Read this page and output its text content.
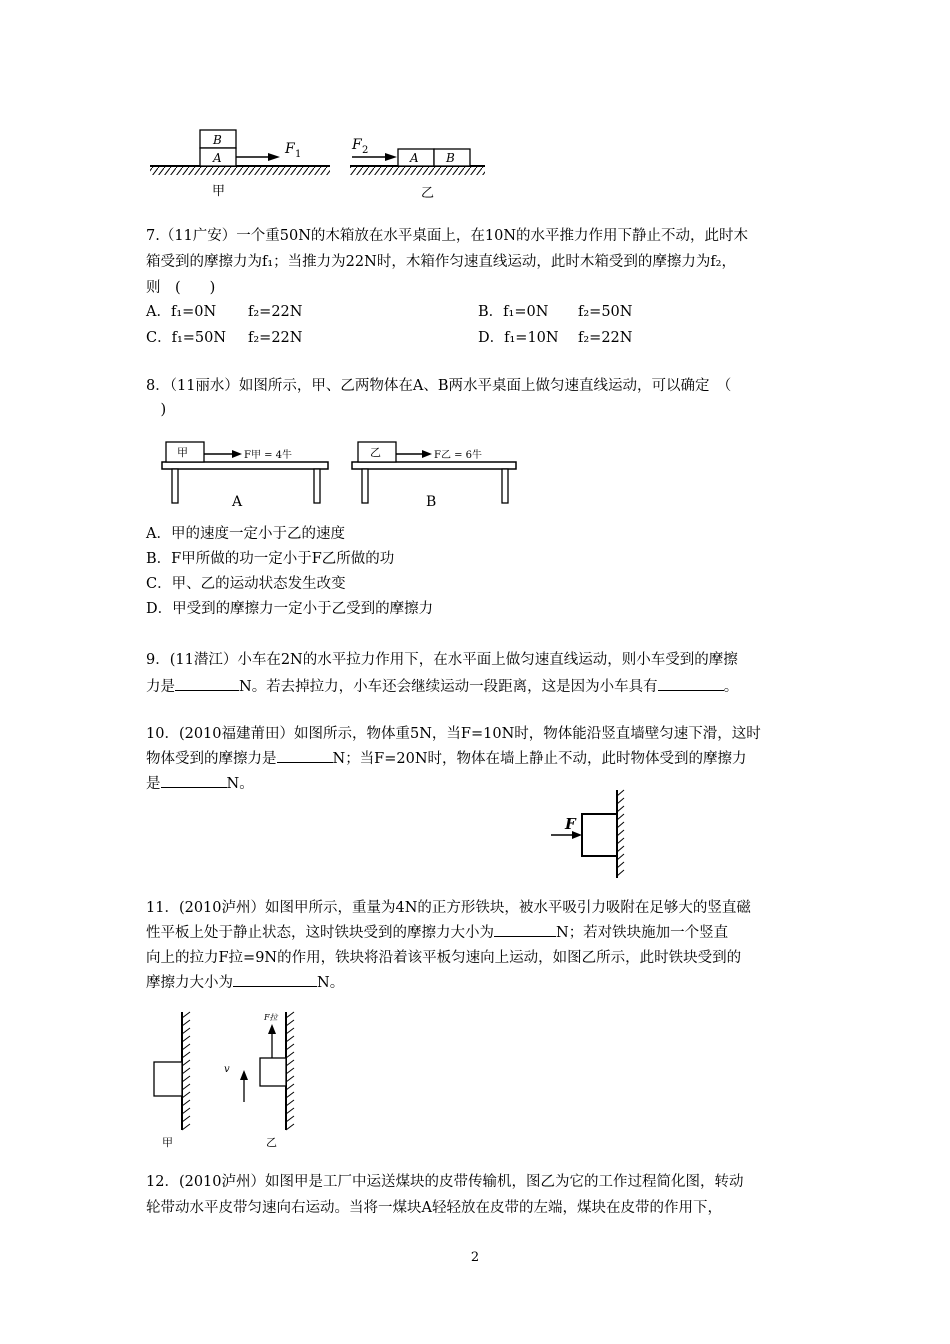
B
A
F 1
甲
A B
F 2
乙
7.（11广安）一个重50N的木箱放在水平桌面上，在10N的水平推力作用下静止不动，此时木
箱受到的摩擦力为f₁；当推力为22N时，木箱作匀速直线运动，此时木箱受到的摩擦力为f₂，
则　(　　)
A．f₁=0N f₂=22N	B．f₁=0N f₂=50N
C．f₁=50N f₂=22N	D．f₁=10N f₂=22N
8．（11丽水）如图所示，甲、乙两物体在A、B两水平桌面上做匀速直线运动，可以确定　（
　)
甲	F甲 = 4牛
A
乙	F乙 = 6牛
B
A．甲的速度一定小于乙的速度
B．F甲所做的功一定小于F乙所做的功
C．甲、乙的运动状态发生改变
D．甲受到的摩擦力一定小于乙受到的摩擦力
9．(11潜江）小车在2N的水平拉力作用下，在水平面上做匀速直线运动，则小车受到的摩擦
力是	N。若去掉拉力，小车还会继续运动一段距离，这是因为小车具有	。
10．(2010福建莆田）如图所示，物体重5N，当F=10N时，物体能沿竖直墙壁匀速下滑，这时
物体受到的摩擦力是	N；当F=20N时，物体在墙上静止不动，此时物体受到的摩擦力
是	N。
F
11．(2010泸州）如图甲所示，重量为4N的正方形铁块，被水平吸引力吸附在足够大的竖直磁
性平板上处于静止状态，这时铁块受到的摩擦力大小为	N；若对铁块施加一个竖直
向上的拉力F拉=9N的作用，铁块将沿着该平板匀速向上运动，如图乙所示，此时铁块受到的
摩擦力大小为	N。
甲
F拉
v
乙
12．(2010泸州）如图甲是工厂中运送煤块的皮带传输机，图乙为它的工作过程简化图，转动
轮带动水平皮带匀速向右运动。当将一煤块A轻轻放在皮带的左端，煤块在皮带的作用下，
2
